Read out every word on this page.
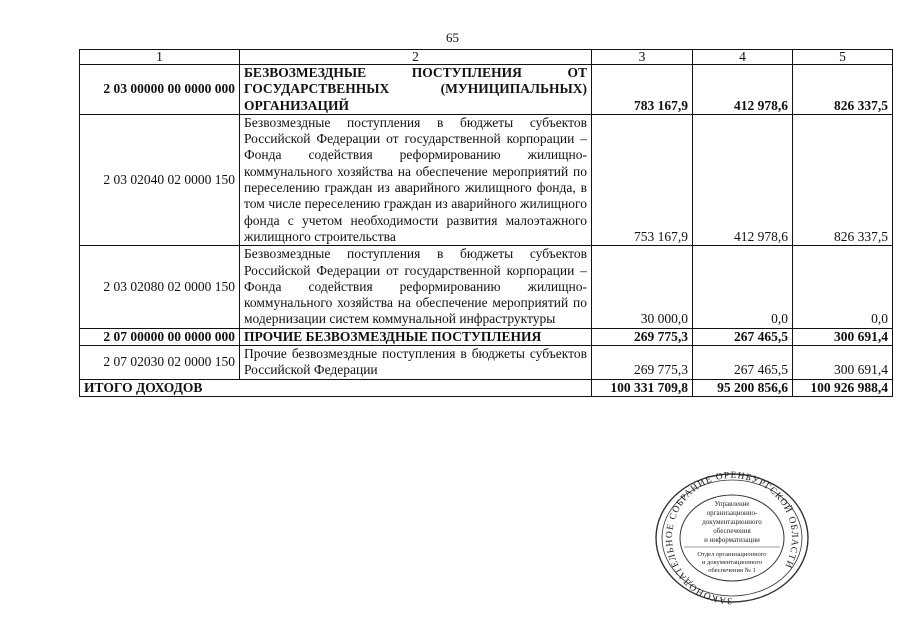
65
1	2	3	4	5
2 03 00000 00 0000 000	БЕЗВОЗМЕЗДНЫЕ ПОСТУПЛЕНИЯ ОТ ГОСУДАРСТВЕННЫХ (МУНИЦИПАЛЬНЫХ) ОРГАНИЗАЦИЙ	783 167,9	412 978,6	826 337,5
2 03 02040 02 0000 150	Безвозмездные поступления в бюджеты субъектов Российской Федерации от государственной корпорации – Фонда содействия реформированию жилищно-коммунального хозяйства на обеспечение мероприятий по переселению граждан из аварийного жилищного фонда, в том числе переселению граждан из аварийного жилищного фонда с учетом необходимости развития малоэтажного жилищного строительства	753 167,9	412 978,6	826 337,5
2 03 02080 02 0000 150	Безвозмездные поступления в бюджеты субъектов Российской Федерации от государственной корпорации – Фонда содействия реформированию жилищно-коммунального хозяйства на обеспечение мероприятий по модернизации систем коммунальной инфраструктуры	30 000,0	0,0	0,0
2 07 00000 00 0000 000	ПРОЧИЕ БЕЗВОЗМЕЗДНЫЕ ПОСТУПЛЕНИЯ	269 775,3	267 465,5	300 691,4
2 07 02030 02 0000 150	Прочие безвозмездные поступления в бюджеты субъектов Российской Федерации	269 775,3	267 465,5	300 691,4
ИТОГО ДОХОДОВ		100 331 709,8	95 200 856,6	100 926 988,4
ЗАКОНОДАТЕЛЬНОЕ СОБРАНИЕ ОРЕНБУРГСКОЙ ОБЛАСТИ
Управление
организационно-
документационного
обеспечения
и информатизации
Отдел организационного
и документационного
обеспечения № 1
